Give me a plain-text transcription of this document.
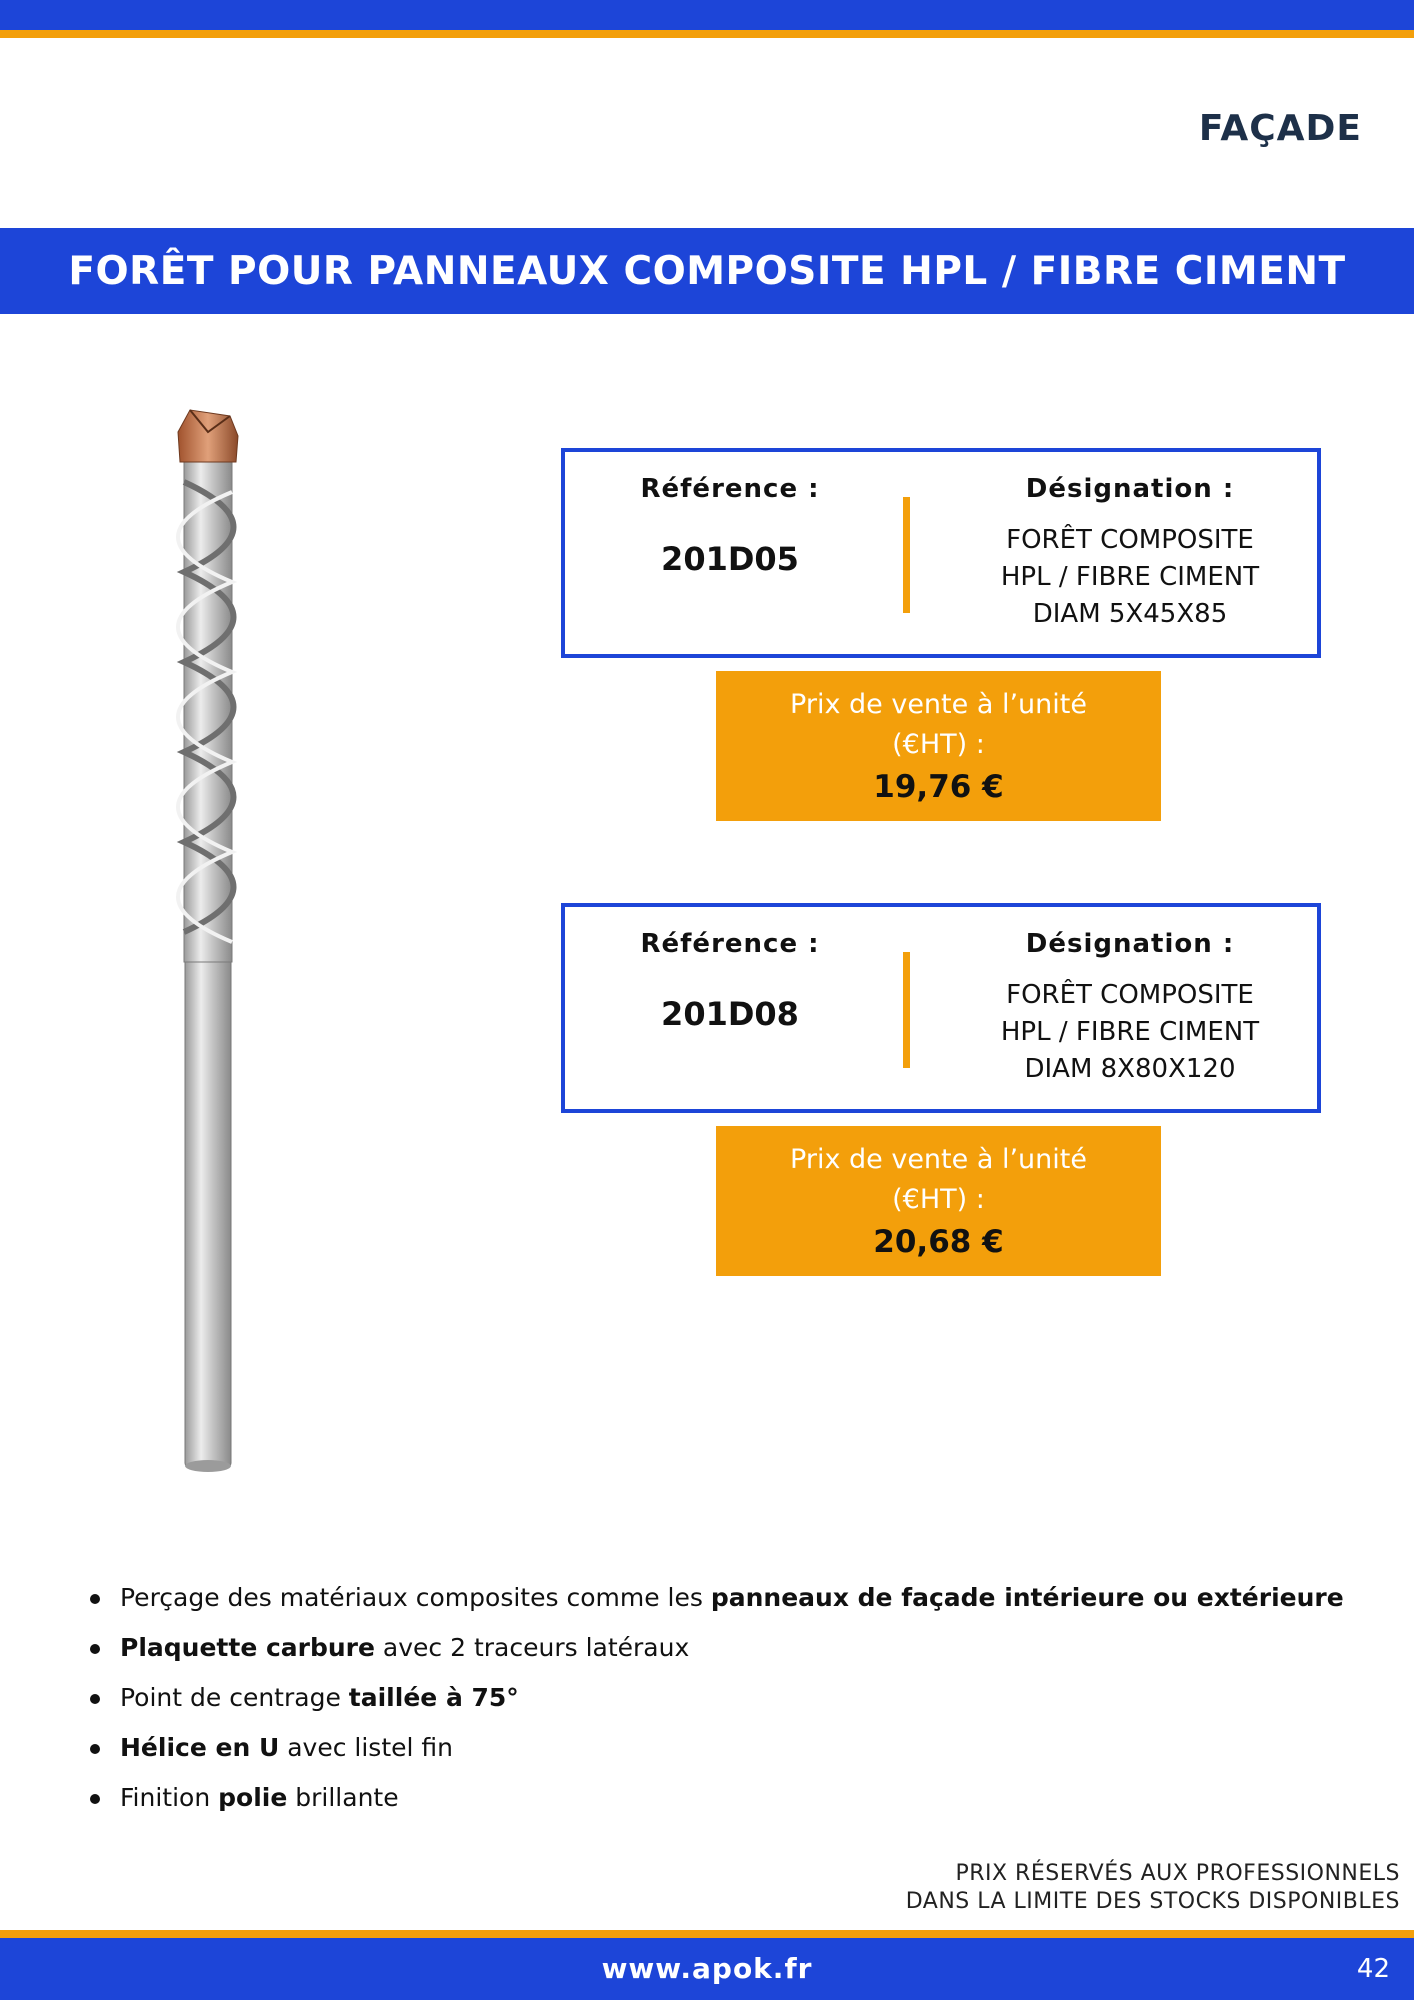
FAÇADE
FORÊT POUR PANNEAUX COMPOSITE HPL / FIBRE CIMENT
Référence :
201D05
Désignation :
FORÊT COMPOSITE
HPL / FIBRE CIMENT
DIAM 5X45X85
Prix de vente à l’unité
(€HT) :
19,76 €
Référence :
201D08
Désignation :
FORÊT COMPOSITE
HPL / FIBRE CIMENT
DIAM 8X80X120
Prix de vente à l’unité
(€HT) :
20,68 €
Perçage des matériaux composites comme les panneaux de façade intérieure ou extérieure
Plaquette carbure avec 2 traceurs latéraux
Point de centrage taillée à 75°
Hélice en U avec listel fin
Finition polie brillante
PRIX RÉSERVÉS AUX PROFESSIONNELS
DANS LA LIMITE DES STOCKS DISPONIBLES
www.apok.fr	42
